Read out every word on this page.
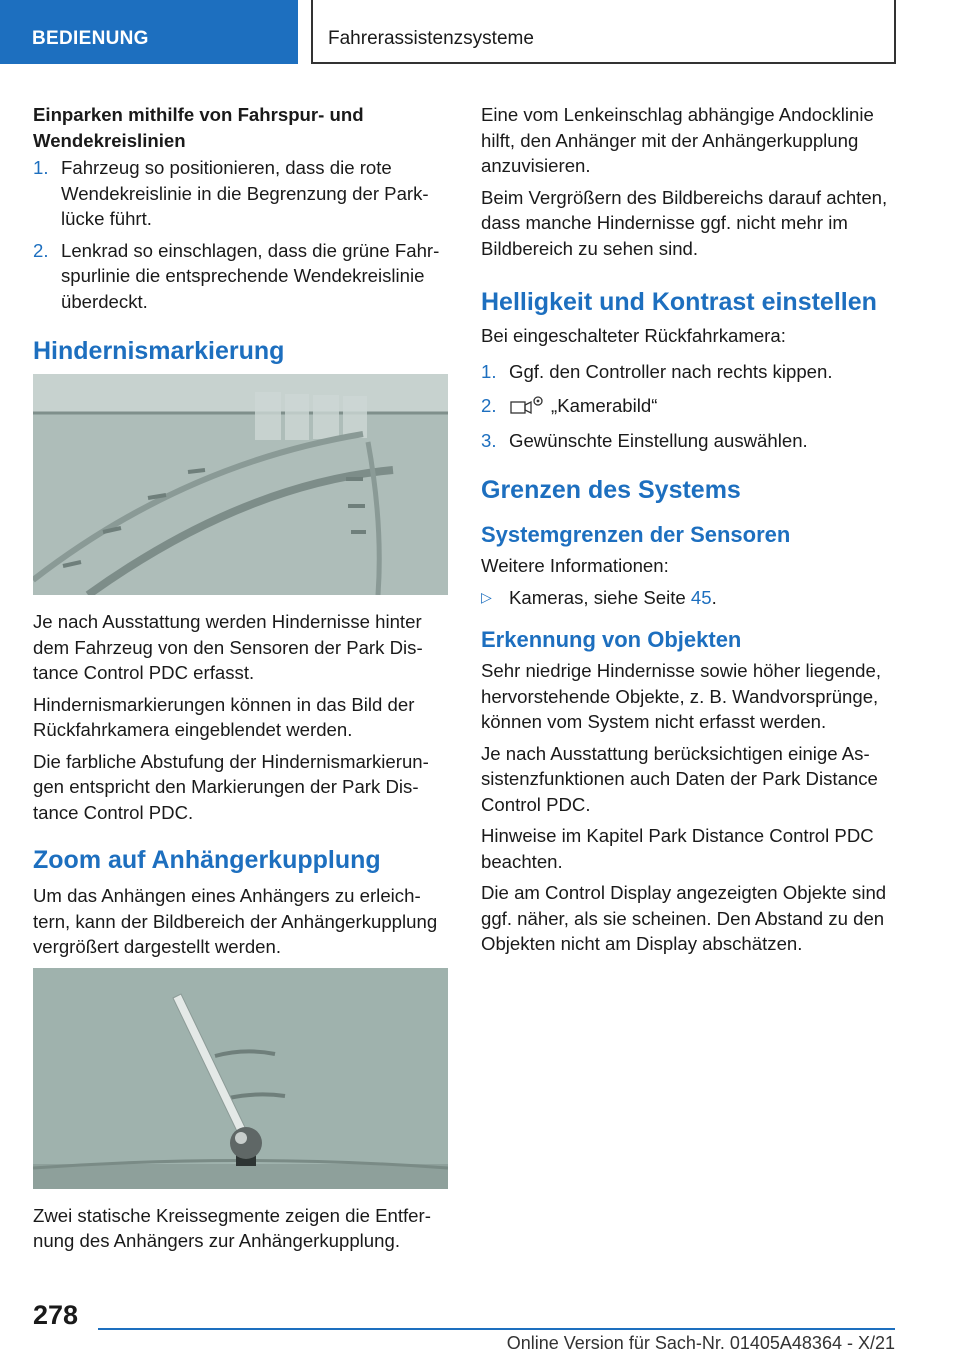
BEDIENUNG	Fahrerassistenzsysteme
Einparken mithilfe von Fahrspur- und Wendekreislinien
1. Fahrzeug so positionieren, dass die rote Wendekreislinie in die Begrenzung der Parklücke führt.
2. Lenkrad so einschlagen, dass die grüne Fahrspurlinie die entsprechende Wendekreislinie überdeckt.
Hindernismarkierung

Je nach Ausstattung werden Hindernisse hinter dem Fahrzeug von den Sensoren der Park Distance Control PDC erfasst.

Hindernismarkierungen können in das Bild der Rückfahrkamera eingeblendet werden.

Die farbliche Abstufung der Hindernismarkierungen entspricht den Markierungen der Park Distance Control PDC.

Zoom auf Anhängerkupplung

Um das Anhängen eines Anhängers zu erleichtern, kann der Bildbereich der Anhängerkupplung vergrößert dargestellt werden.

Zwei statische Kreissegmente zeigen die Entfernung des Anhängers zur Anhängerkupplung.

Eine vom Lenkeinschlag abhängige Andocklinie hilft, den Anhänger mit der Anhängerkupplung anzuvisieren.

Beim Vergrößern des Bildbereichs darauf achten, dass manche Hindernisse ggf. nicht mehr im Bildbereich zu sehen sind.

Helligkeit und Kontrast einstellen

Bei eingeschalteter Rückfahrkamera:

1. Ggf. den Controller nach rechts kippen.
2.	„Kamerabild“
3. Gewünschte Einstellung auswählen.
Grenzen des Systems
Systemgrenzen der Sensoren

Weitere Informationen:

▷ Kameras, siehe Seite 45.
Erkennung von Objekten

Sehr niedrige Hindernisse sowie höher liegende, hervorstehende Objekte, z. B. Wandvorsprünge, können vom System nicht erfasst werden.

Je nach Ausstattung berücksichtigen einige Assistenzfunktionen auch Daten der Park Distance Control PDC.

Hinweise im Kapitel Park Distance Control PDC beachten.

Die am Control Display angezeigten Objekte sind ggf. näher, als sie scheinen. Den Abstand zu den Objekten nicht am Display abschätzen.

278
Online Version für Sach-Nr. 01405A48364 - X/21
